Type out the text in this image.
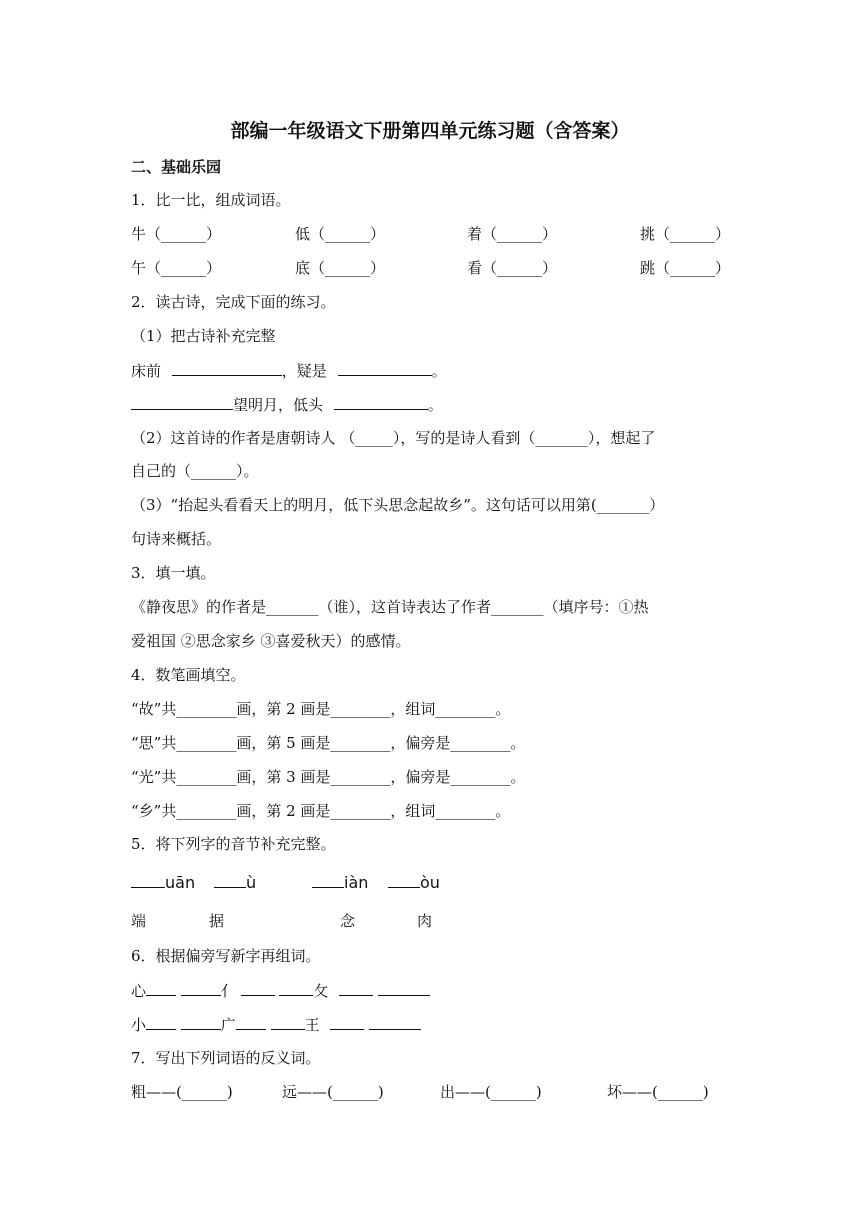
部编一年级语文下册第四单元练习题（含答案）
二、基础乐园
1．比一比，组成词语。
牛（______）	低（______）	着（______）	挑（______）
午（______）	底（______）	看（______）	跳（______）
2．读古诗，完成下面的练习。
（1）把古诗补充完整
床前	，疑是	。
望明月，低头	。
（2）这首诗的作者是唐朝诗人 （_____），写的是诗人看到（_______），想起了
自己的（______）。
（3）“抬起头看看天上的明月，低下头思念起故乡”。这句话可以用第(_______）
句诗来概括。
3．填一填。
《静夜思》的作者是_______（谁），这首诗表达了作者_______（填序号：①热
爱祖国 ②思念家乡 ③喜爱秋天）的感情。
4．数笔画填空。
“故”共________画，第 2 画是________，组词________。
“思”共________画，第 5 画是________，偏旁是________。
“光”共________画，第 3 画是________，偏旁是________。
“乡”共________画，第 2 画是________，组词________。
5．将下列字的音节补充完整。
uān	ù	iàn	òu
端	据	念	肉
6．根据偏旁写新字再组词。
心	亻	攵
小	广	王
7．写出下列词语的反义词。
粗——(______)	远——(______)	出——(______)	坏——(______)
